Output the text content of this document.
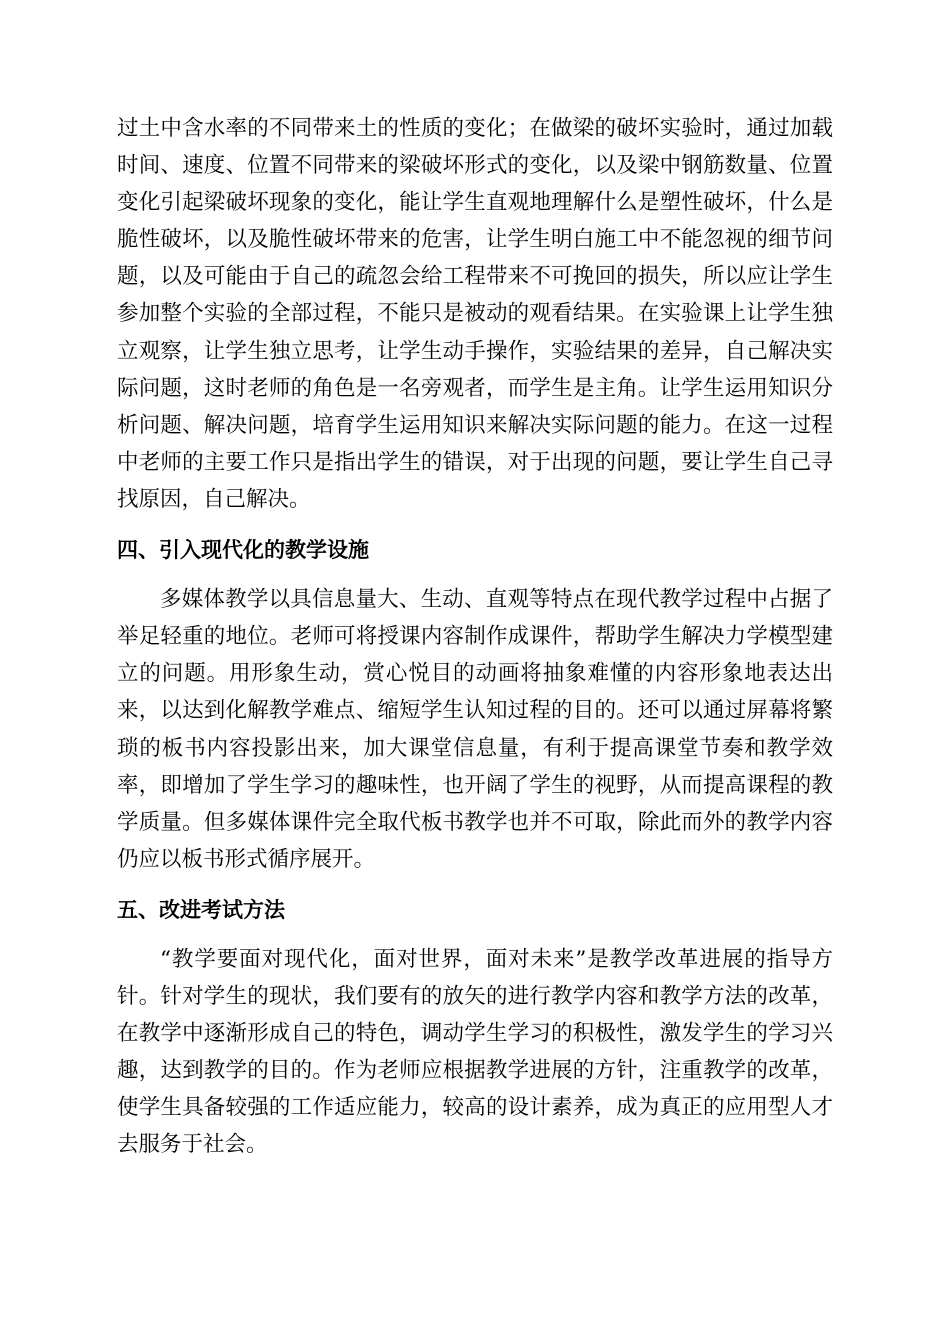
过土中含水率的不同带来土的性质的变化；在做梁的破坏实验时，通过加载时间、速度、位置不同带来的梁破坏形式的变化，以及梁中钢筋数量、位置变化引起梁破坏现象的变化，能让学生直观地理解什么是塑性破坏，什么是脆性破坏，以及脆性破坏带来的危害，让学生明白施工中不能忽视的细节问题，以及可能由于自己的疏忽会给工程带来不可挽回的损失，所以应让学生参加整个实验的全部过程，不能只是被动的观看结果。在实验课上让学生独立观察，让学生独立思考，让学生动手操作，实验结果的差异，自己解决实际问题，这时老师的角色是一名旁观者，而学生是主角。让学生运用知识分析问题、解决问题，培育学生运用知识来解决实际问题的能力。在这一过程中老师的主要工作只是指出学生的错误，对于出现的问题，要让学生自己寻找原因，自己解决。

四、引入现代化的教学设施

多媒体教学以具信息量大、生动、直观等特点在现代教学过程中占据了举足轻重的地位。老师可将授课内容制作成课件，帮助学生解决力学模型建立的问题。用形象生动，赏心悦目的动画将抽象难懂的内容形象地表达出来，以达到化解教学难点、缩短学生认知过程的目的。还可以通过屏幕将繁琐的板书内容投影出来，加大课堂信息量，有利于提高课堂节奏和教学效率，即增加了学生学习的趣味性，也开阔了学生的视野，从而提高课程的教学质量。但多媒体课件完全取代板书教学也并不可取，除此而外的教学内容仍应以板书形式循序展开。

五、改进考试方法

“教学要面对现代化，面对世界，面对未来”是教学改革进展的指导方针。针对学生的现状，我们要有的放矢的进行教学内容和教学方法的改革，在教学中逐渐形成自己的特色，调动学生学习的积极性，激发学生的学习兴趣，达到教学的目的。作为老师应根据教学进展的方针，注重教学的改革，使学生具备较强的工作适应能力，较高的设计素养，成为真正的应用型人才去服务于社会。
